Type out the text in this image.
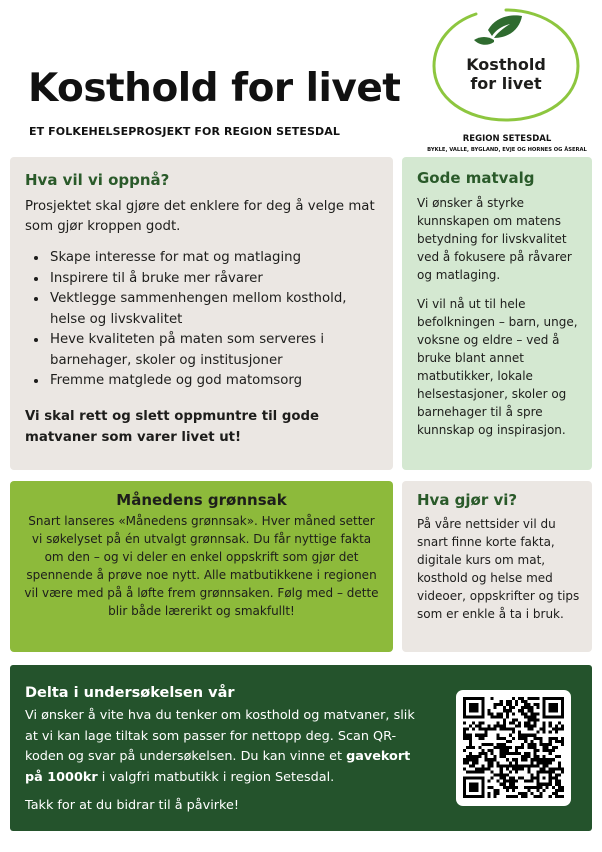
Kosthold for livet

ET FOLKEHELSEPROSJEKT FOR REGION SETESDAL

Kosthold
for livet
REGION SETESDAL
BYKLE, VALLE, BYGLAND, EVJE OG HORNES OG ÅSERAL
Hva vil vi oppnå?

Prosjektet skal gjøre det enklere for deg å velge mat som gjør kroppen godt.

• Skape interesse for mat og matlaging
• Inspirere til å bruke mer råvarer
• Vektlegge sammenhengen mellom kosthold, helse og livskvalitet
• Heve kvaliteten på maten som serveres i barnehager, skoler og institusjoner
• Fremme matglede og god matomsorg

Vi skal rett og slett oppmuntre til gode matvaner som varer livet ut!

Gode matvalg

Vi ønsker å styrke kunnskapen om matens betydning for livskvalitet ved å fokusere på råvarer og matlaging.

Vi vil nå ut til hele befolkningen – barn, unge, voksne og eldre – ved å bruke blant annet matbutikker, lokale helsestasjoner, skoler og barnehager til å spre kunnskap og inspirasjon.

Månedens grønnsak

Snart lanseres «Månedens grønnsak». Hver måned setter vi søkelyset på én utvalgt grønnsak. Du får nyttige fakta om den – og vi deler en enkel oppskrift som gjør det spennende å prøve noe nytt. Alle matbutikkene i regionen vil være med på å løfte frem grønnsaken. Følg med – dette blir både lærerikt og smakfullt!

Hva gjør vi?

På våre nettsider vil du snart finne korte fakta, digitale kurs om mat, kosthold og helse med videoer, oppskrifter og tips som er enkle å ta i bruk.

Delta i undersøkelsen vår

Vi ønsker å vite hva du tenker om kosthold og matvaner, slik at vi kan lage tiltak som passer for nettopp deg. Scan QR-koden og svar på undersøkelsen. Du kan vinne et gavekort på 1000kr i valgfri matbutikk i region Setesdal.

Takk for at du bidrar til å påvirke!
